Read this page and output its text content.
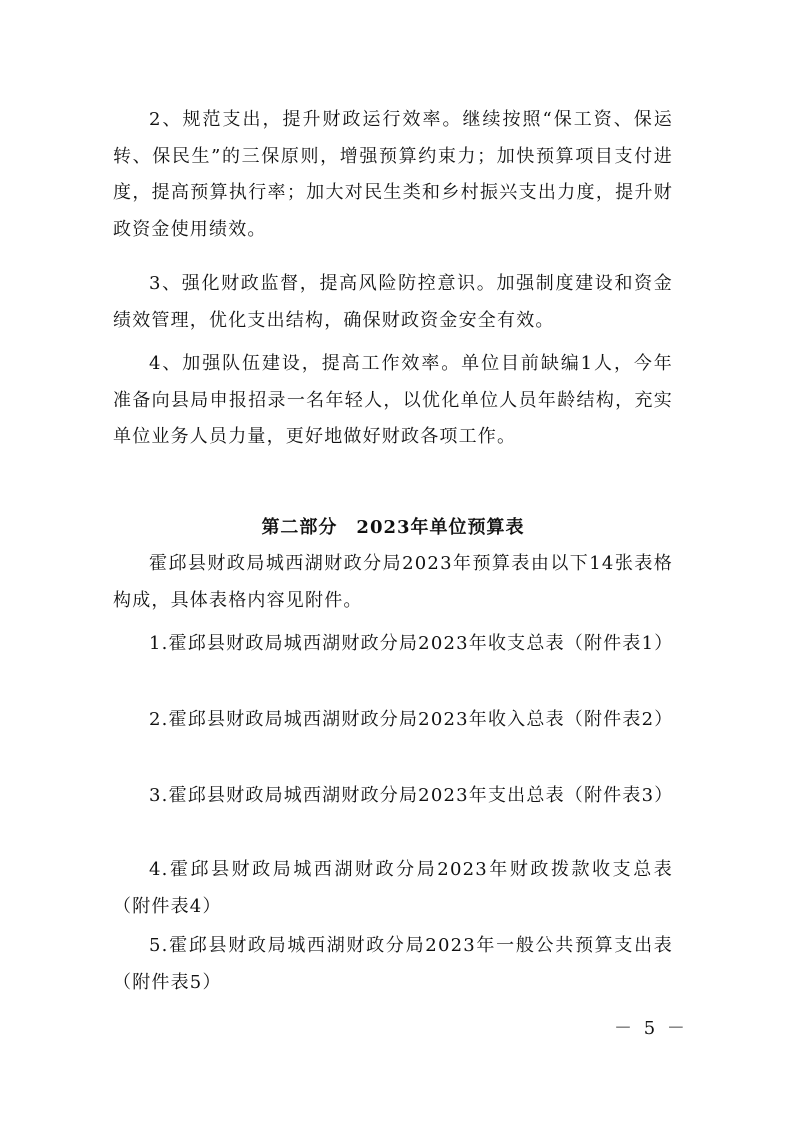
2、规范支出，提升财政运行效率。继续按照“保工资、保运转、保民生”的三保原则，增强预算约束力；加快预算项目支付进度，提高预算执行率；加大对民生类和乡村振兴支出力度，提升财政资金使用绩效。

3、强化财政监督，提高风险防控意识。加强制度建设和资金绩效管理，优化支出结构，确保财政资金安全有效。

4、加强队伍建设，提高工作效率。单位目前缺编1人，今年准备向县局申报招录一名年轻人，以优化单位人员年龄结构，充实单位业务人员力量，更好地做好财政各项工作。

第二部分　2023年单位预算表

霍邱县财政局城西湖财政分局2023年预算表由以下14张表格构成，具体表格内容见附件。

1.霍邱县财政局城西湖财政分局2023年收支总表（附件表1）

2.霍邱县财政局城西湖财政分局2023年收入总表（附件表2）

3.霍邱县财政局城西湖财政分局2023年支出总表（附件表3）

4.霍邱县财政局城西湖财政分局2023年财政拨款收支总表（附件表4）

5.霍邱县财政局城西湖财政分局2023年一般公共预算支出表（附件表5）

－ 5 －
